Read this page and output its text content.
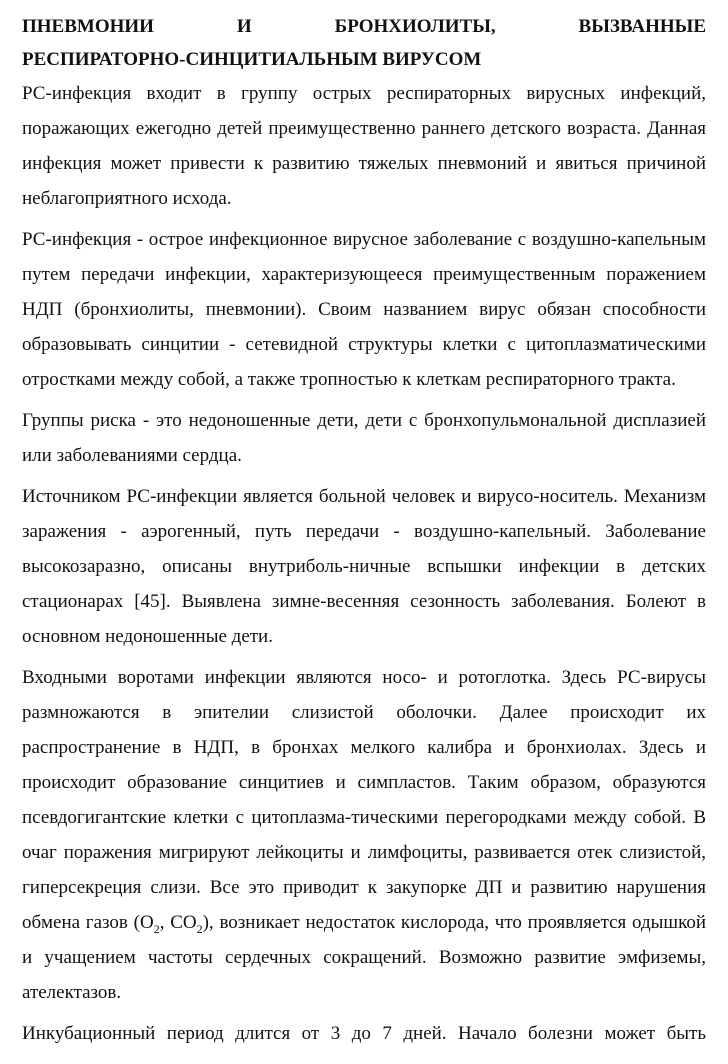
ПНЕВМОНИИ И БРОНХИОЛИТЫ, ВЫЗВАННЫЕ

РЕСПИРАТОРНО-СИНЦИТИАЛЬНЫМ ВИРУСОМ

РС-инфекция входит в группу острых респираторных вирусных инфекций, поражающих ежегодно детей преимущественно раннего детского возраста. Данная инфекция может привести к развитию тяжелых пневмоний и явиться причиной неблагоприятного исхода.

РС-инфекция - острое инфекционное вирусное заболевание с воздушно-капельным путем передачи инфекции, характеризующееся преимущественным поражением НДП (бронхиолиты, пневмонии). Своим названием вирус обязан способности образовывать синцитии - сетевидной структуры клетки с цитоплазматическими отростками между собой, а также тропностью к клеткам респираторного тракта.

Группы риска - это недоношенные дети, дети с бронхопульмональной дисплазией или заболеваниями сердца.

Источником РС-инфекции является больной человек и вирусо-носитель. Механизм заражения - аэрогенный, путь передачи - воздушно-капельный. Заболевание высокозаразно, описаны внутриболь-ничные вспышки инфекции в детских стационарах [45]. Выявлена зимне-весенняя сезонность заболевания. Болеют в основном недоношенные дети.

Входными воротами инфекции являются носо- и ротоглотка. Здесь РС-вирусы размножаются в эпителии слизистой оболочки. Далее происходит их распространение в НДП, в бронхах мелкого калибра и бронхиолах. Здесь и происходит образование синцитиев и симпластов. Таким образом, образуются псевдогигантские клетки с цитоплазма-тическими перегородками между собой. В очаг поражения мигрируют лейкоциты и лимфоциты, развивается отек слизистой, гиперсекреция слизи. Все это приводит к закупорке ДП и развитию нарушения обмена газов ($O_2$, $CO_2$), возникает недостаток кислорода, что проявляется одышкой и учащением частоты сердечных сокращений. Возможно развитие эмфиземы, ателектазов.

Инкубационный период длится от 3 до 7 дней. Начало болезни может быть
